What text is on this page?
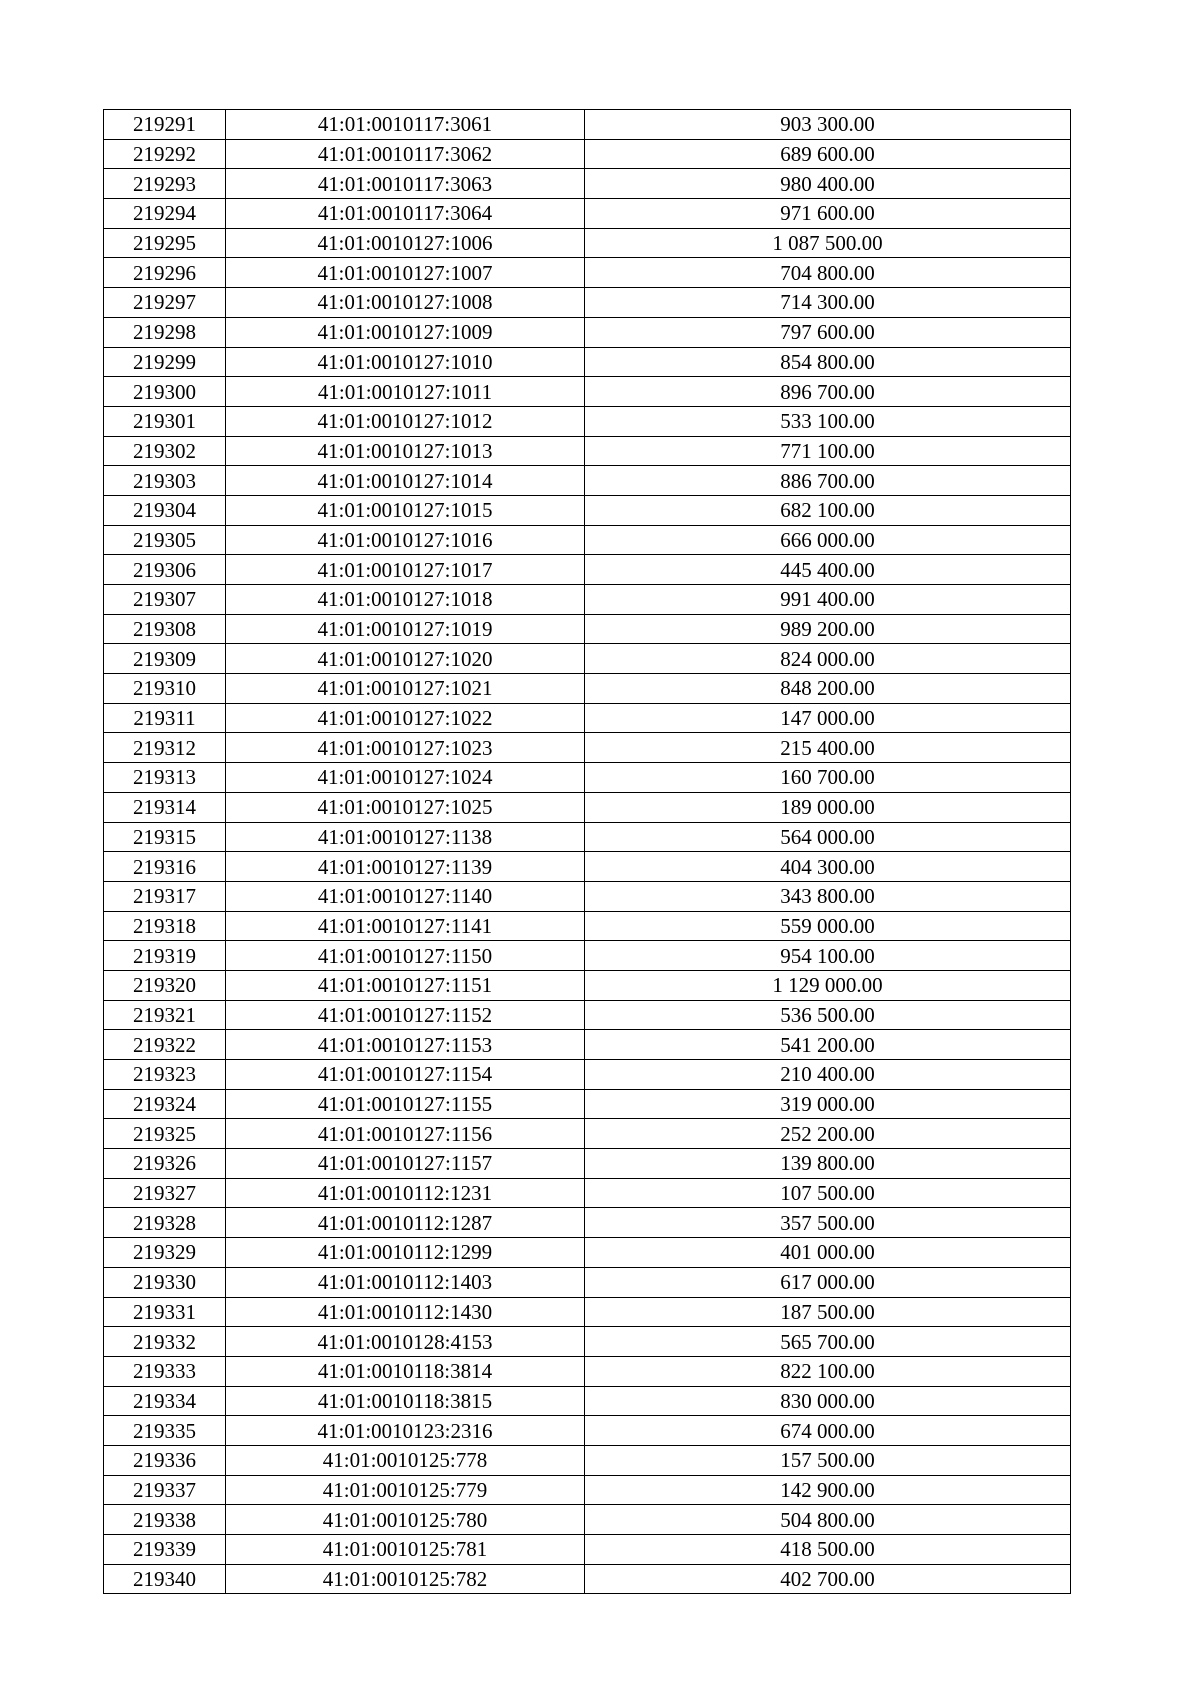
219291	41:01:0010117:3061	903 300.00
219292	41:01:0010117:3062	689 600.00
219293	41:01:0010117:3063	980 400.00
219294	41:01:0010117:3064	971 600.00
219295	41:01:0010127:1006	1 087 500.00
219296	41:01:0010127:1007	704 800.00
219297	41:01:0010127:1008	714 300.00
219298	41:01:0010127:1009	797 600.00
219299	41:01:0010127:1010	854 800.00
219300	41:01:0010127:1011	896 700.00
219301	41:01:0010127:1012	533 100.00
219302	41:01:0010127:1013	771 100.00
219303	41:01:0010127:1014	886 700.00
219304	41:01:0010127:1015	682 100.00
219305	41:01:0010127:1016	666 000.00
219306	41:01:0010127:1017	445 400.00
219307	41:01:0010127:1018	991 400.00
219308	41:01:0010127:1019	989 200.00
219309	41:01:0010127:1020	824 000.00
219310	41:01:0010127:1021	848 200.00
219311	41:01:0010127:1022	147 000.00
219312	41:01:0010127:1023	215 400.00
219313	41:01:0010127:1024	160 700.00
219314	41:01:0010127:1025	189 000.00
219315	41:01:0010127:1138	564 000.00
219316	41:01:0010127:1139	404 300.00
219317	41:01:0010127:1140	343 800.00
219318	41:01:0010127:1141	559 000.00
219319	41:01:0010127:1150	954 100.00
219320	41:01:0010127:1151	1 129 000.00
219321	41:01:0010127:1152	536 500.00
219322	41:01:0010127:1153	541 200.00
219323	41:01:0010127:1154	210 400.00
219324	41:01:0010127:1155	319 000.00
219325	41:01:0010127:1156	252 200.00
219326	41:01:0010127:1157	139 800.00
219327	41:01:0010112:1231	107 500.00
219328	41:01:0010112:1287	357 500.00
219329	41:01:0010112:1299	401 000.00
219330	41:01:0010112:1403	617 000.00
219331	41:01:0010112:1430	187 500.00
219332	41:01:0010128:4153	565 700.00
219333	41:01:0010118:3814	822 100.00
219334	41:01:0010118:3815	830 000.00
219335	41:01:0010123:2316	674 000.00
219336	41:01:0010125:778	157 500.00
219337	41:01:0010125:779	142 900.00
219338	41:01:0010125:780	504 800.00
219339	41:01:0010125:781	418 500.00
219340	41:01:0010125:782	402 700.00
